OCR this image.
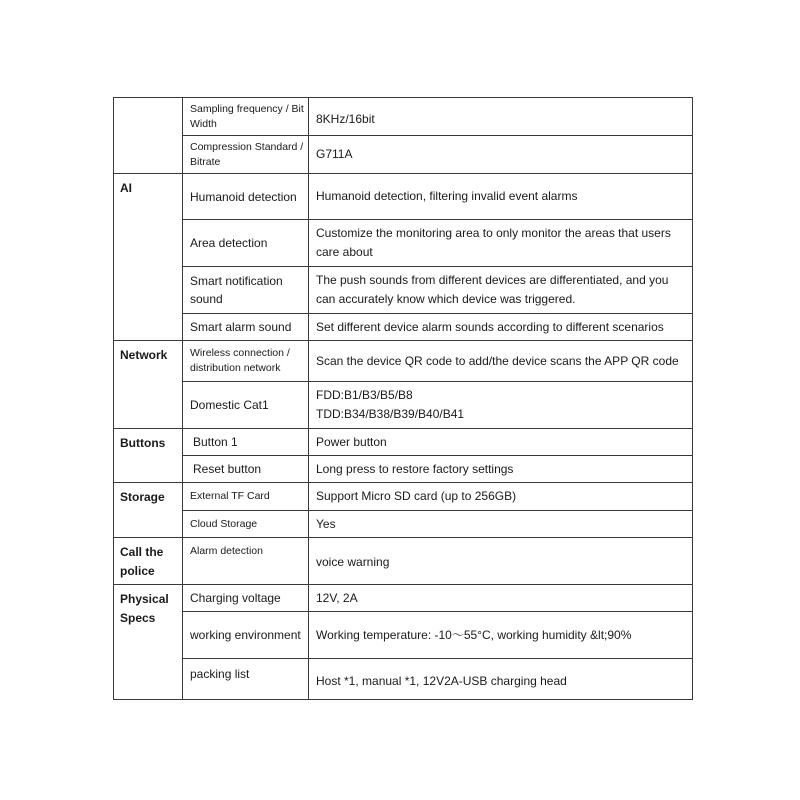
	Sampling frequency / Bit Width	8KHz/16bit
	Compression Standard / Bitrate	G711A
AI	Humanoid detection	Humanoid detection, filtering invalid event alarms
	Area detection	Customize the monitoring area to only monitor the areas that users care about
	Smart notification sound	The push sounds from different devices are differentiated, and you can accurately know which device was triggered.
	Smart alarm sound	Set different device alarm sounds according to different scenarios
Network	Wireless connection / distribution network	Scan the device QR code to add/the device scans the APP QR code
	Domestic Cat1	FDD:B1/B3/B5/B8
TDD:B34/B38/B39/B40/B41

Buttons	Button 1	Power button
	Reset button	Long press to restore factory settings
Storage	External TF Card	Support Micro SD card (up to 256GB)
	Cloud Storage	Yes
Call the police	Alarm detection	voice warning
Physical Specs	Charging voltage	12V, 2A
	working environment	Working temperature: -10～55°C, working humidity &lt;90%
	packing list	Host *1, manual *1, 12V2A-USB charging head
